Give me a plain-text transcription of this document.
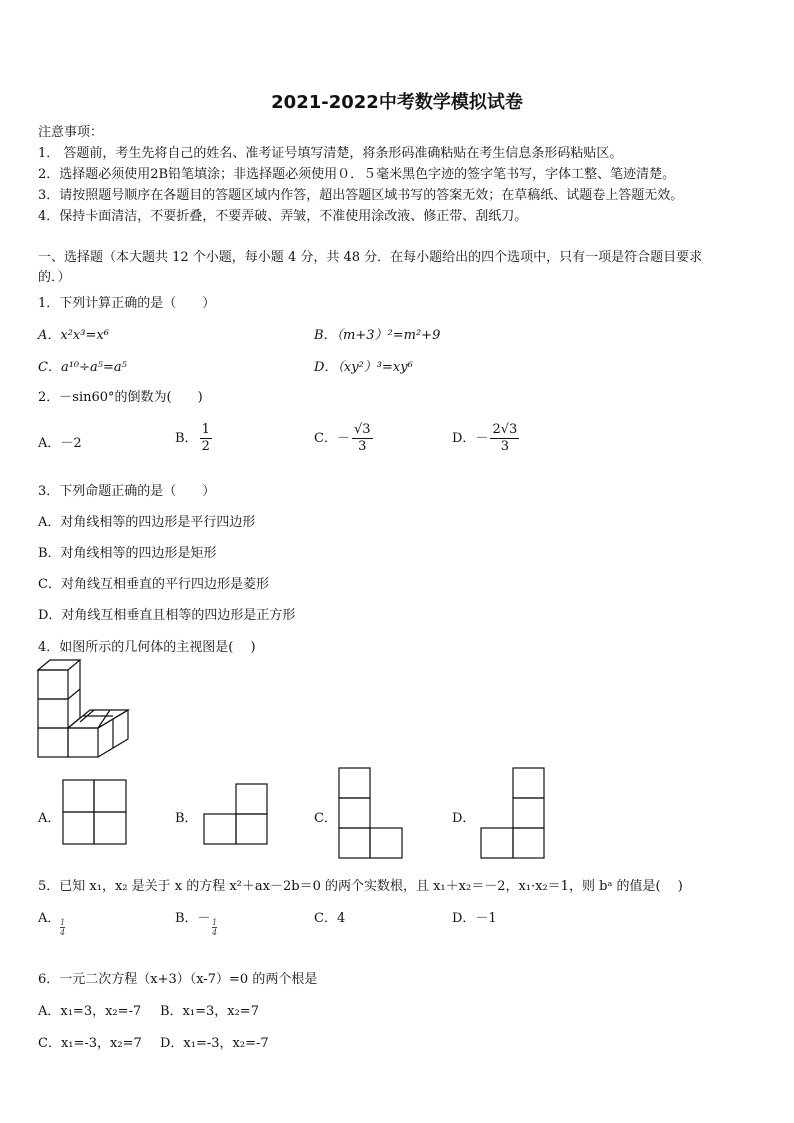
2021-2022中考数学模拟试卷
注意事项：
1． 答题前，考生先将自己的姓名、准考证号填写清楚，将条形码准确粘贴在考生信息条形码粘贴区。
2．选择题必须使用2B铅笔填涂；非选择题必须使用０．５毫米黑色字迹的签字笔书写，字体工整、笔迹清楚。
3．请按照题号顺序在各题目的答题区域内作答，超出答题区域书写的答案无效；在草稿纸、试题卷上答题无效。
4．保持卡面清洁，不要折叠，不要弄破、弄皱，不准使用涂改液、修正带、刮纸刀。
一、选择题（本大题共 12 个小题，每小题 4 分，共 48 分．在每小题给出的四个选项中，只有一项是符合题目要求
的．）
1．下列计算正确的是（　　）
A．x²x³=x⁶	B．（m+3）²=m²+9
C．a¹⁰÷a⁵=a⁵	D．（xy²）³=xy⁶
2．－sin60°的倒数为(　　)
A．－2	B． $\frac{1}{2}$	C．－ $\frac{√3}{3}$	D．－ $\frac{2√3}{3}$
3．下列命题正确的是（　　）
A．对角线相等的四边形是平行四边形
B．对角线相等的四边形是矩形
C．对角线互相垂直的平行四边形是菱形
D．对角线互相垂直且相等的四边形是正方形
4．如图所示的几何体的主视图是(　 )
A．	B．	C．	D．
5．已知 x₁，x₂ 是关于 x 的方程 x²＋ax－2b＝0 的两个实数根，且 x₁＋x₂＝－2，x₁·x₂＝1，则 bᵃ 的值是(　 )
A． $\frac{1}{4}$	B．－ $\frac{1}{4}$	C．4	D．－1
6．一元二次方程（x+3）（x-7）=0 的两个根是
A．x₁=3，x₂=-7 B．x₁=3，x₂=7
C．x₁=-3，x₂=7 D．x₁=-3，x₂=-7
